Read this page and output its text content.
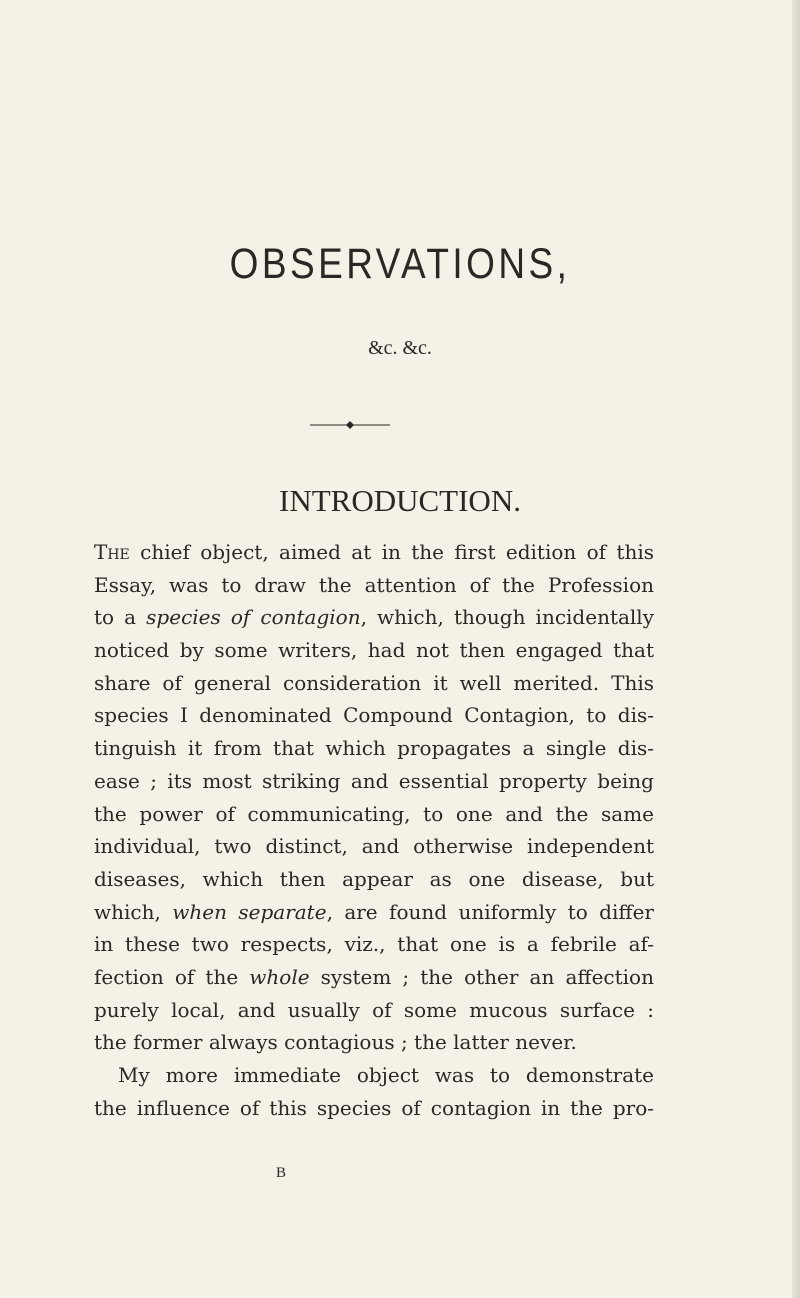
OBSERVATIONS,
&c. &c.
INTRODUCTION.
The chief object, aimed at in the first edition of this
Essay, was to draw the attention of the Profession
to a species of contagion, which, though incidentally
noticed by some writers, had not then engaged that
share of general consideration it well merited. This
species I denominated Compound Contagion, to dis-
tinguish it from that which propagates a single dis-
ease ; its most striking and essential property being
the power of communicating, to one and the same
individual, two distinct, and otherwise independent
diseases, which then appear as one disease, but
which, when separate, are found uniformly to differ
in these two respects, viz., that one is a febrile af-
fection of the whole system ; the other an affection
purely local, and usually of some mucous surface :
the former always contagious ; the latter never.
My more immediate object was to demonstrate
the influence of this species of contagion in the pro-
B
